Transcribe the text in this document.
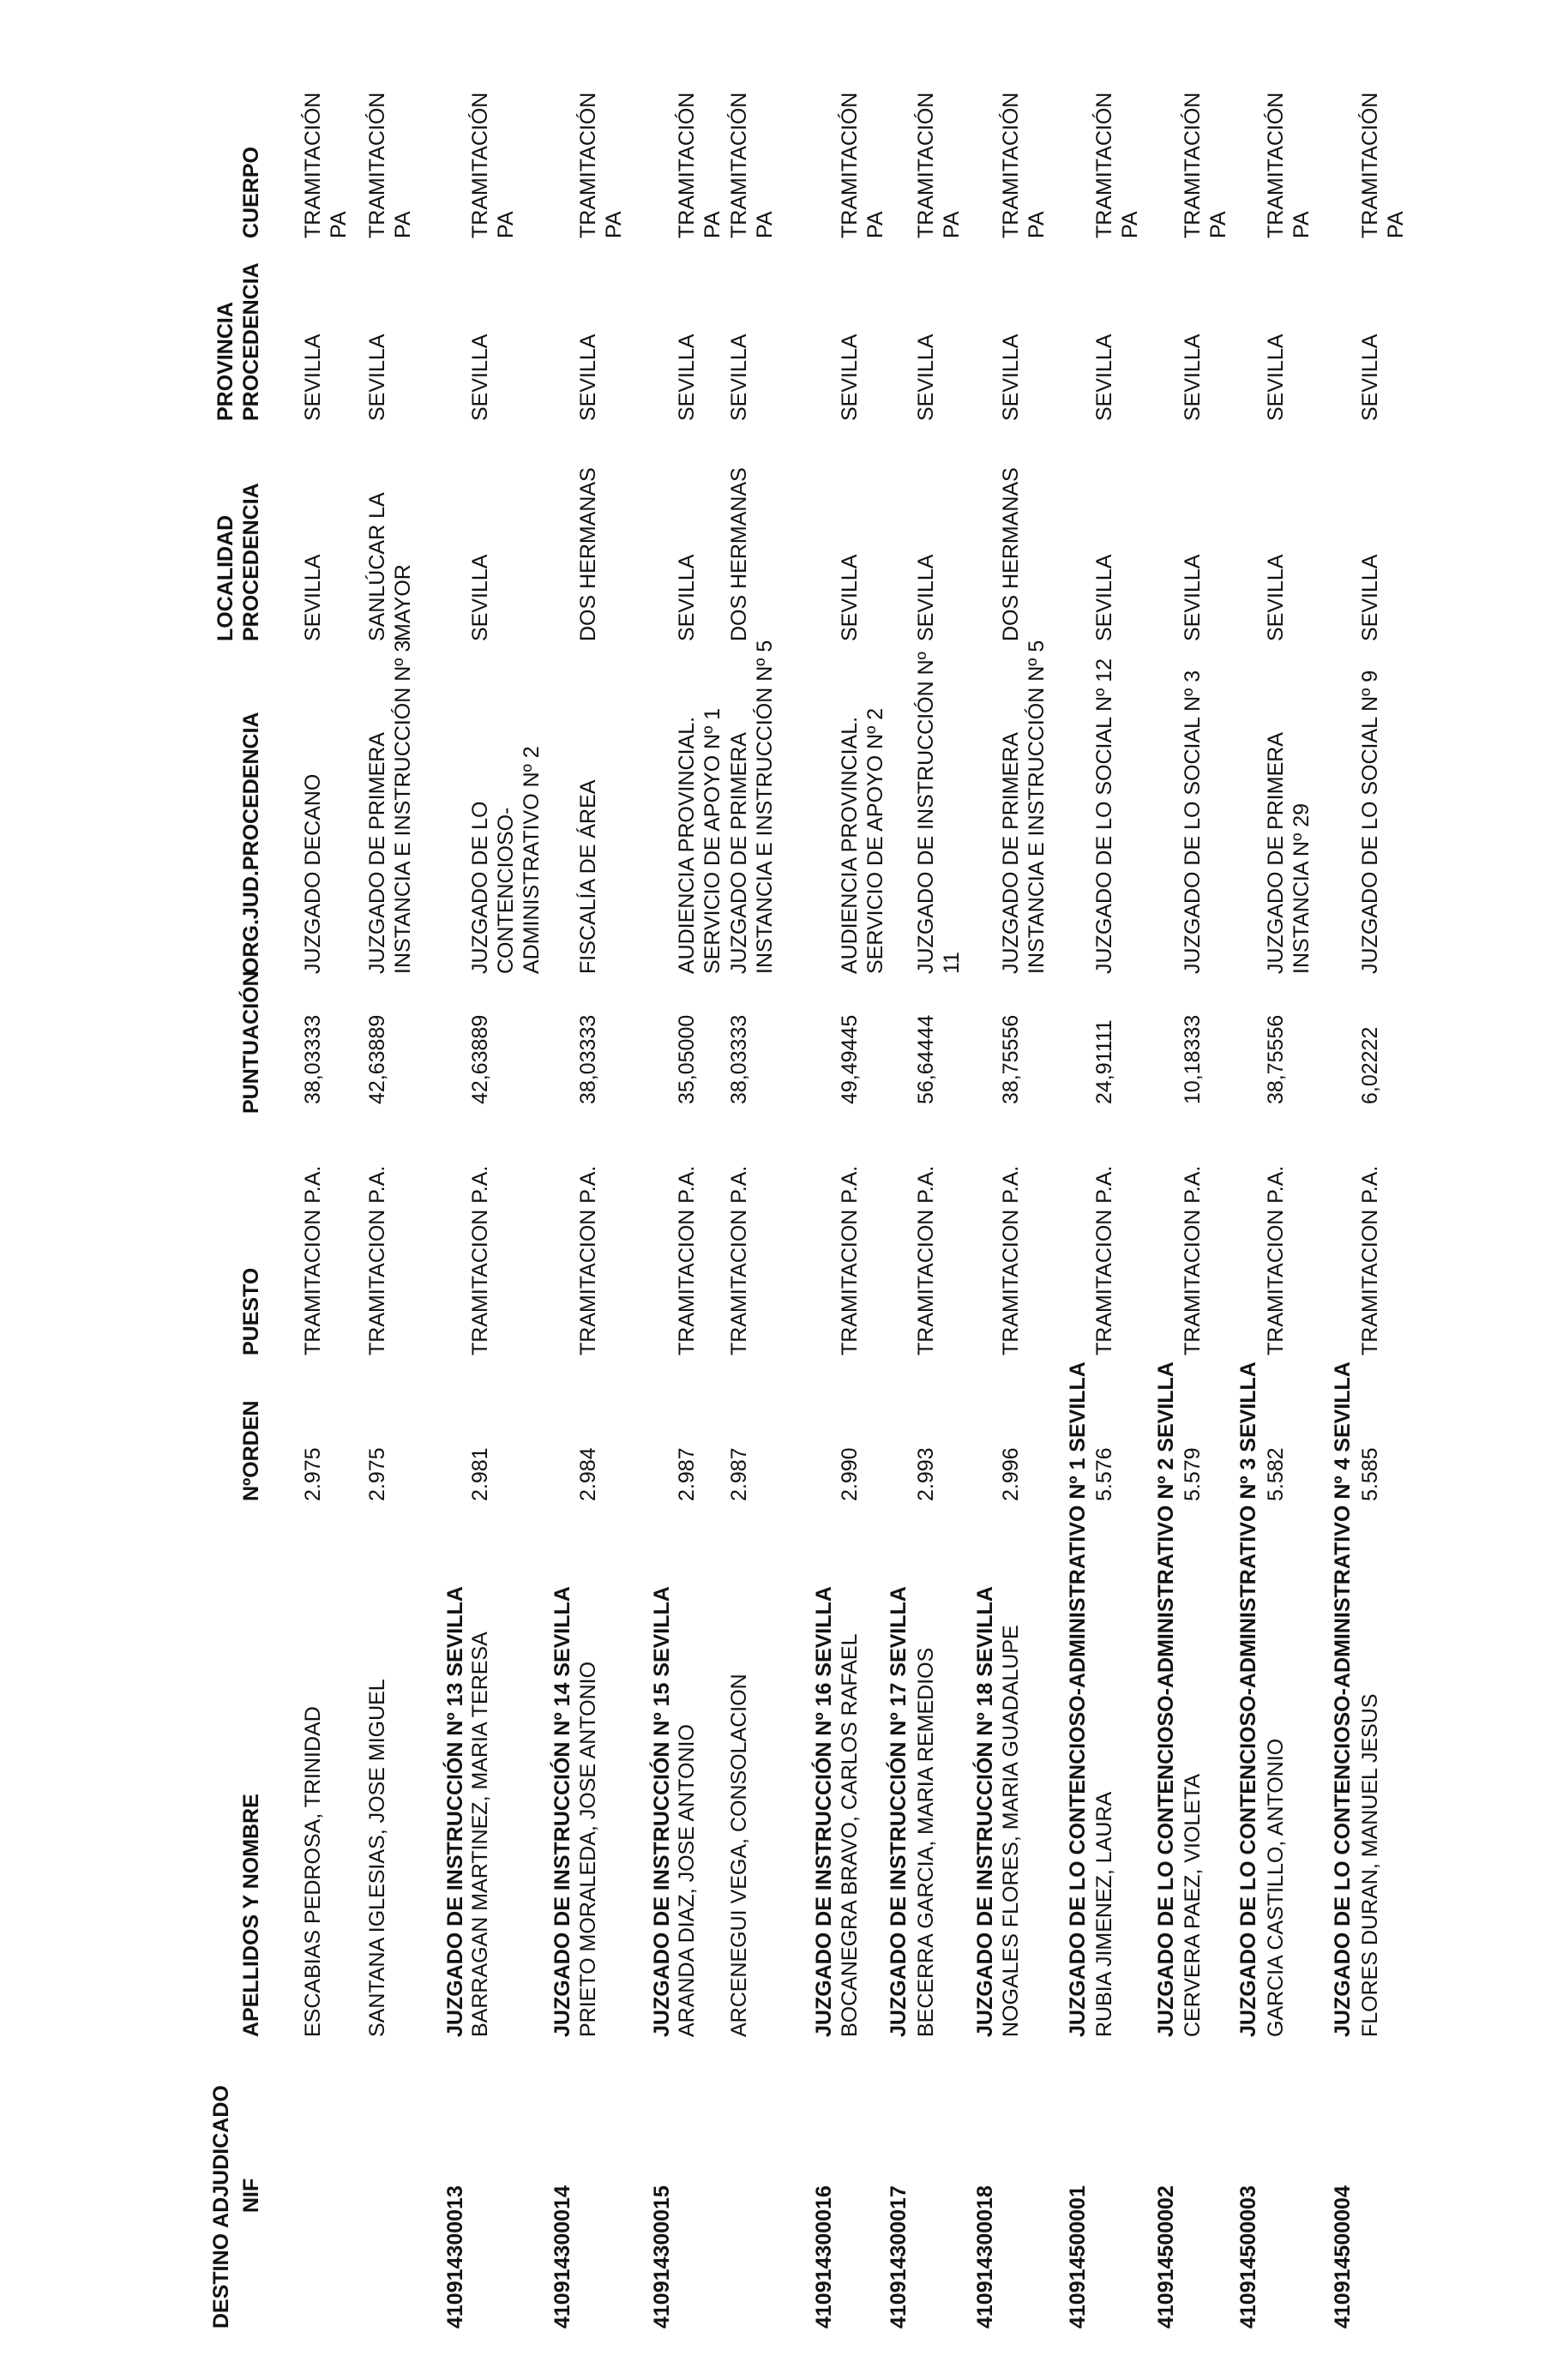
DESTINO ADJUDICADO NIF
APELLIDOS Y NOMBRE
NºORDEN
PUESTO
PUNTUACIÓN
ORG.JUD.PROCEDENCIA
LOCALIDAD PROCEDENCIA
PROVINCIA PROCEDENCIA
CUERPO
ESCABIAS PEDROSA, TRINIDAD
2.975
TRAMITACION P.A.
38,03333
JUZGADO DECANO
SEVILLA
SEVILLA
TRAMITACIÓN PA
SANTANA IGLESIAS, JOSE MIGUEL
2.975
TRAMITACION P.A.
42,63889
JUZGADO DE PRIMERA INSTANCIA E INSTRUCCIÓN Nº 3
SANLÚCAR LA MAYOR
SEVILLA
TRAMITACIÓN PA
410914300013
JUZGADO DE INSTRUCCIÓN Nº 13 SEVILLA BARRAGAN MARTINEZ, MARIA TERESA
2.981
TRAMITACION P.A.
42,63889
JUZGADO DE LO CONTENCIOSO- ADMINISTRATIVO Nº 2
SEVILLA
SEVILLA
TRAMITACIÓN PA
410914300014
JUZGADO DE INSTRUCCIÓN Nº 14 SEVILLA PRIETO MORALEDA, JOSE ANTONIO
2.984
TRAMITACION P.A.
38,03333
FISCALÍA DE ÁREA
DOS HERMANAS
SEVILLA
TRAMITACIÓN PA
410914300015
JUZGADO DE INSTRUCCIÓN Nº 15 SEVILLA ARANDA DIAZ, JOSE ANTONIO
2.987
TRAMITACION P.A.
35,05000
AUDIENCIA PROVINCIAL. SERVICIO DE APOYO Nº 1
SEVILLA
SEVILLA
TRAMITACIÓN PA
ARCENEGUI VEGA, CONSOLACION
2.987
TRAMITACION P.A.
38,03333
JUZGADO DE PRIMERA INSTANCIA E INSTRUCCIÓN Nº 5
DOS HERMANAS
SEVILLA
TRAMITACIÓN PA
410914300016
JUZGADO DE INSTRUCCIÓN Nº 16 SEVILLA BOCANEGRA BRAVO, CARLOS RAFAEL
2.990
TRAMITACION P.A.
49,49445
AUDIENCIA PROVINCIAL. SERVICIO DE APOYO Nº 2
SEVILLA
SEVILLA
TRAMITACIÓN PA
410914300017
JUZGADO DE INSTRUCCIÓN Nº 17 SEVILLA BECERRA GARCIA, MARIA REMEDIOS
2.993
TRAMITACION P.A.
56,64444
JUZGADO DE INSTRUCCIÓN Nº 11
SEVILLA
SEVILLA
TRAMITACIÓN PA
410914300018
JUZGADO DE INSTRUCCIÓN Nº 18 SEVILLA NOGALES FLORES, MARIA GUADALUPE
2.996
TRAMITACION P.A.
38,75556
JUZGADO DE PRIMERA INSTANCIA E INSTRUCCIÓN Nº 5
DOS HERMANAS
SEVILLA
TRAMITACIÓN PA
410914500001
JUZGADO DE LO CONTENCIOSO-ADMINISTRATIVO Nº 1 SEVILLA RUBIA JIMENEZ, LAURA
5.576
TRAMITACION P.A.
24,91111
JUZGADO DE LO SOCIAL Nº 12
SEVILLA
SEVILLA
TRAMITACIÓN PA
410914500002
JUZGADO DE LO CONTENCIOSO-ADMINISTRATIVO Nº 2 SEVILLA CERVERA PAEZ, VIOLETA
5.579
TRAMITACION P.A.
10,18333
JUZGADO DE LO SOCIAL Nº 3
SEVILLA
SEVILLA
TRAMITACIÓN PA
410914500003
JUZGADO DE LO CONTENCIOSO-ADMINISTRATIVO Nº 3 SEVILLA GARCIA CASTILLO, ANTONIO
5.582
TRAMITACION P.A.
38,75556
JUZGADO DE PRIMERA INSTANCIA Nº 29
SEVILLA
SEVILLA
TRAMITACIÓN PA
410914500004
JUZGADO DE LO CONTENCIOSO-ADMINISTRATIVO Nº 4 SEVILLA FLORES DURAN, MANUEL JESUS
5.585
TRAMITACION P.A.
6,02222
JUZGADO DE LO SOCIAL Nº 9
SEVILLA
SEVILLA
TRAMITACIÓN PA
